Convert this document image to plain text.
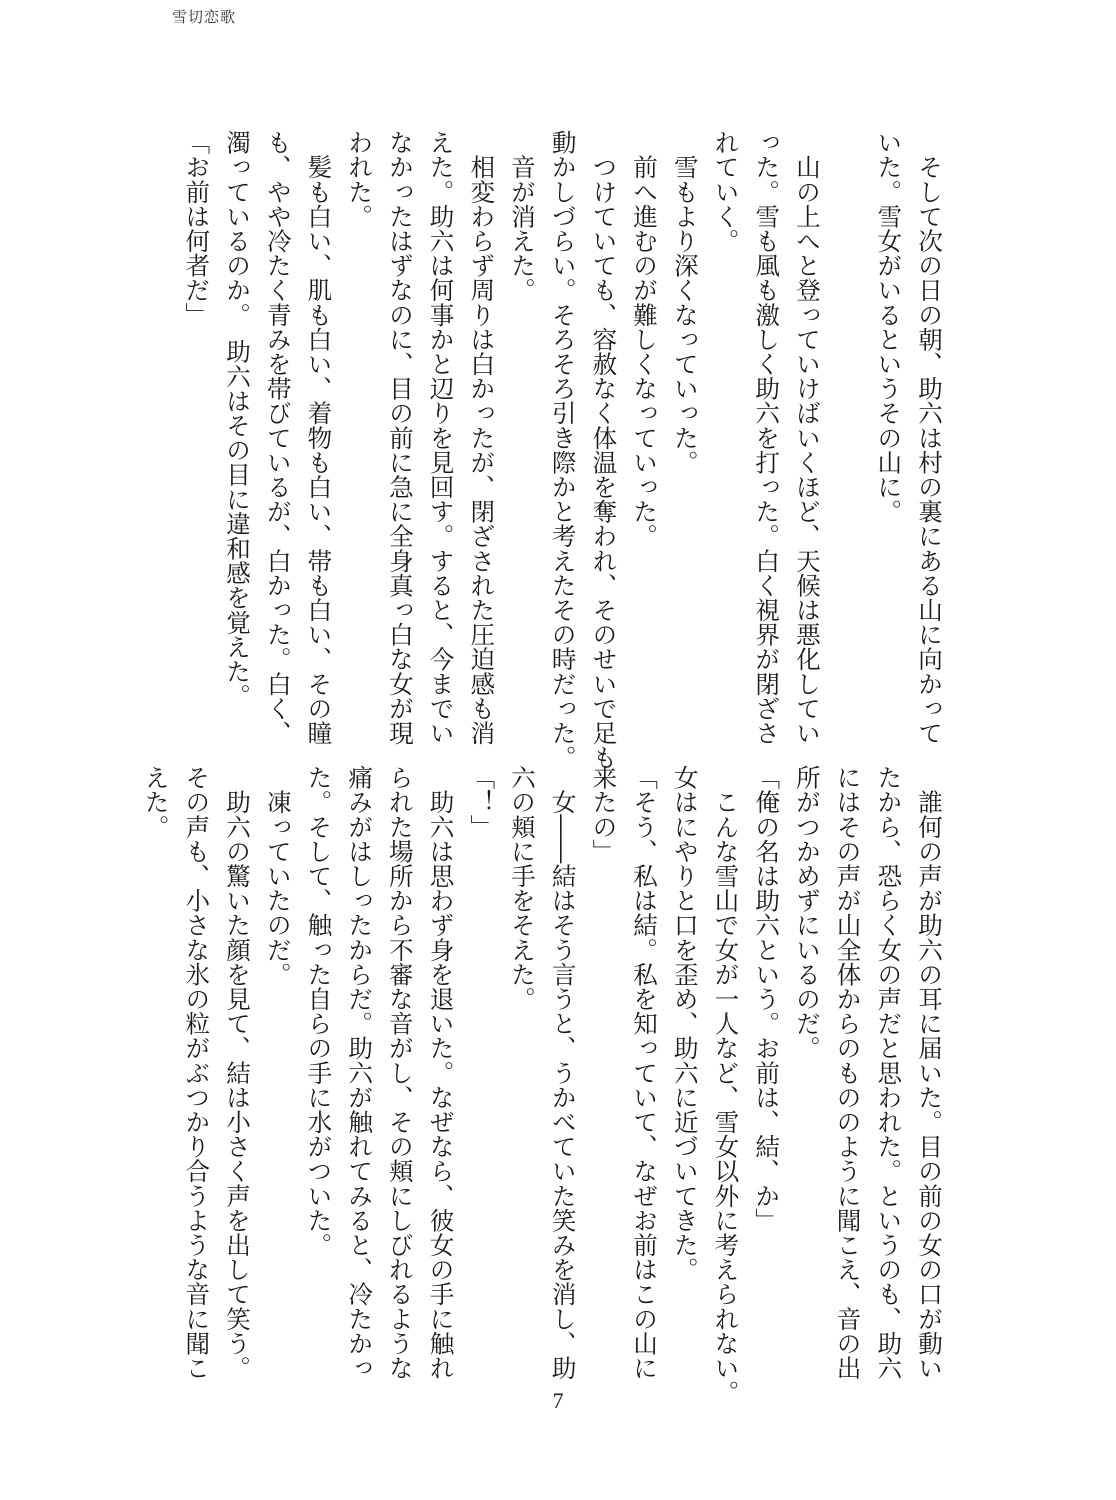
雪切恋歌

　そして次の日の朝、助六は村の裏にある山に向かって
いた。雪女がいるというその山に。

　山の上へと登っていけばいくほど、天候は悪化してい
った。雪も風も激しく助六を打った。白く視界が閉ざさ
れていく。

　雪もより深くなっていった。
　前へ進むのが難しくなっていった。

　つけていても、容赦なく体温を奪われ、そのせいで足も
動かしづらい。そろそろ引き際かと考えたその時だった。
　音が消えた。

　相変わらず周りは白かったが、閉ざされた圧迫感も消
えた。助六は何事かと辺りを見回す。すると、今までい
なかったはずなのに、目の前に急に全身真っ白な女が現
われた。

　髪も白い、肌も白い、着物も白い、帯も白い、その瞳
も、やや冷たく青みを帯びているが、白かった。白く、
濁っているのか。　助六はその目に違和感を覚えた。
「お前は何者だ」

　誰何の声が助六の耳に届いた。目の前の女の口が動い
たから、恐らく女の声だと思われた。というのも、助六
にはその声が山全体からのもののように聞こえ、音の出
所がつかめずにいるのだ。

「俺の名は助六という。お前は、結、か」
　こんな雪山で女が一人など、雪女以外に考えられない。
女はにやりと口を歪め、助六に近づいてきた。

「そう、私は結。私を知っていて、なぜお前はこの山に
来たの」

　女――結はそう言うと、うかべていた笑みを消し、助
六の頬に手をそえた。

「！」

　助六は思わず身を退いた。なぜなら、彼女の手に触れ
られた場所から不審な音がし、その頬にしびれるような
痛みがはしったからだ。助六が触れてみると、冷たかっ
た。そして、触った自らの手に水がついた。

　凍っていたのだ。

　助六の驚いた顔を見て、結は小さく声を出して笑う。
その声も、小さな氷の粒がぶつかり合うような音に聞こ
えた。

7
